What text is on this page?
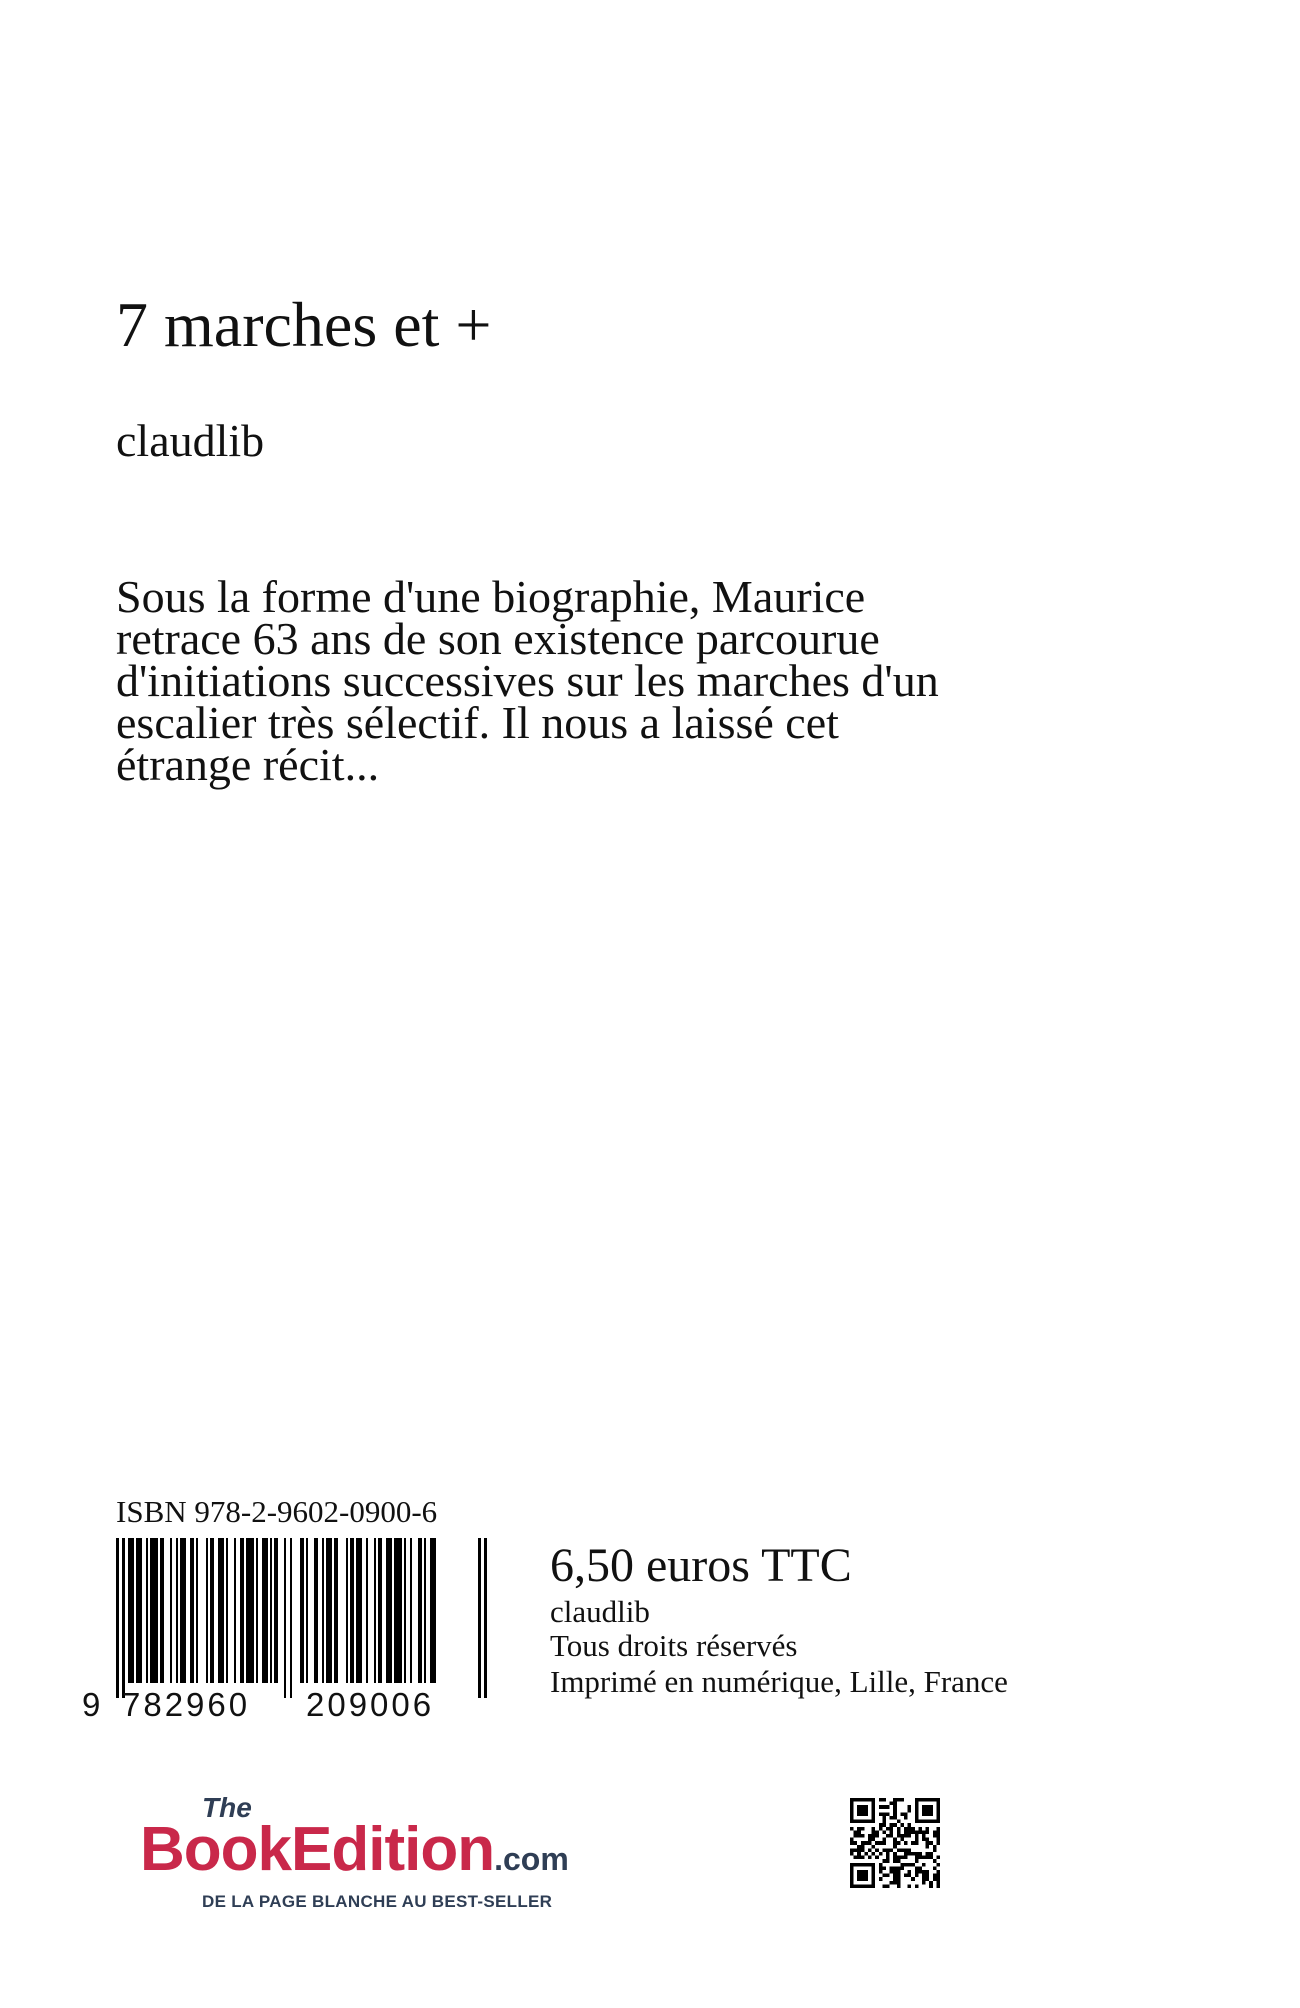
7 marches et +
claudlib

Sous la forme d'une biographie, Maurice retrace 63 ans de son existence parcourue d'initiations successives sur les marches d'un escalier très sélectif. Il nous a laissé cet étrange récit...

ISBN 978-2-9602-0900-6
9 782960 209006
6,50 euros TTC
claudlib
Tous droits réservés
Imprimé en numérique, Lille, France
The
BookEdition.com
DE LA PAGE BLANCHE AU BEST-SELLER
